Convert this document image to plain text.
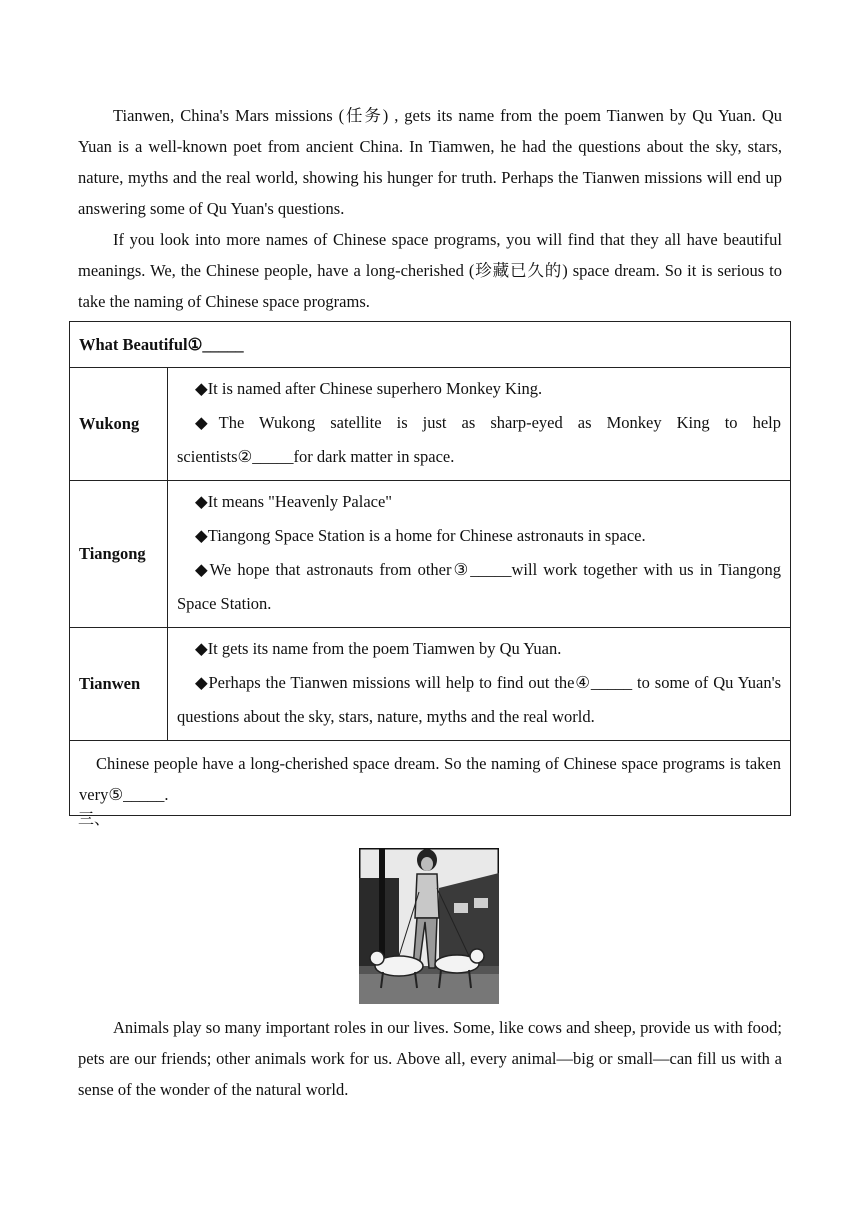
Tianwen, China's Mars missions (任务) , gets its name from the poem Tianwen by Qu Yuan. Qu Yuan is a well-known poet from ancient China. In Tiamwen, he had the questions about the sky, stars, nature, myths and the real world, showing his hunger for truth. Perhaps the Tianwen missions will end up answering some of Qu Yuan's questions.

If you look into more names of Chinese space programs, you will find that they all have beautiful meanings. We, the Chinese people, have a long-cherished (珍藏已久的) space dream. So it is serious to take the naming of Chinese space programs.

What Beautiful①_____	
Wukong	◆It is named after Chinese superhero Monkey King.

◆The Wukong satellite is just as sharp-eyed as Monkey King to help scientists②_____for dark matter in space.

Tiangong	◆It means "Heavenly Palace"

◆Tiangong Space Station is a home for Chinese astronauts in space.

◆We hope that astronauts from other③_____will work together with us in Tiangong Space Station.

Tianwen	◆It gets its name from the poem Tiamwen by Qu Yuan.

◆Perhaps the Tianwen missions will help to find out the④_____ to some of Qu Yuan's questions about the sky, stars, nature, myths and the real world.

Chinese people have a long-cherished space dream. So the naming of Chinese space programs is taken very⑤_____.	

三、

Animals play so many important roles in our lives. Some, like cows and sheep, provide us with food; pets are our friends; other animals work for us. Above all, every animal—big or small—can fill us with a sense of the wonder of the natural world.
